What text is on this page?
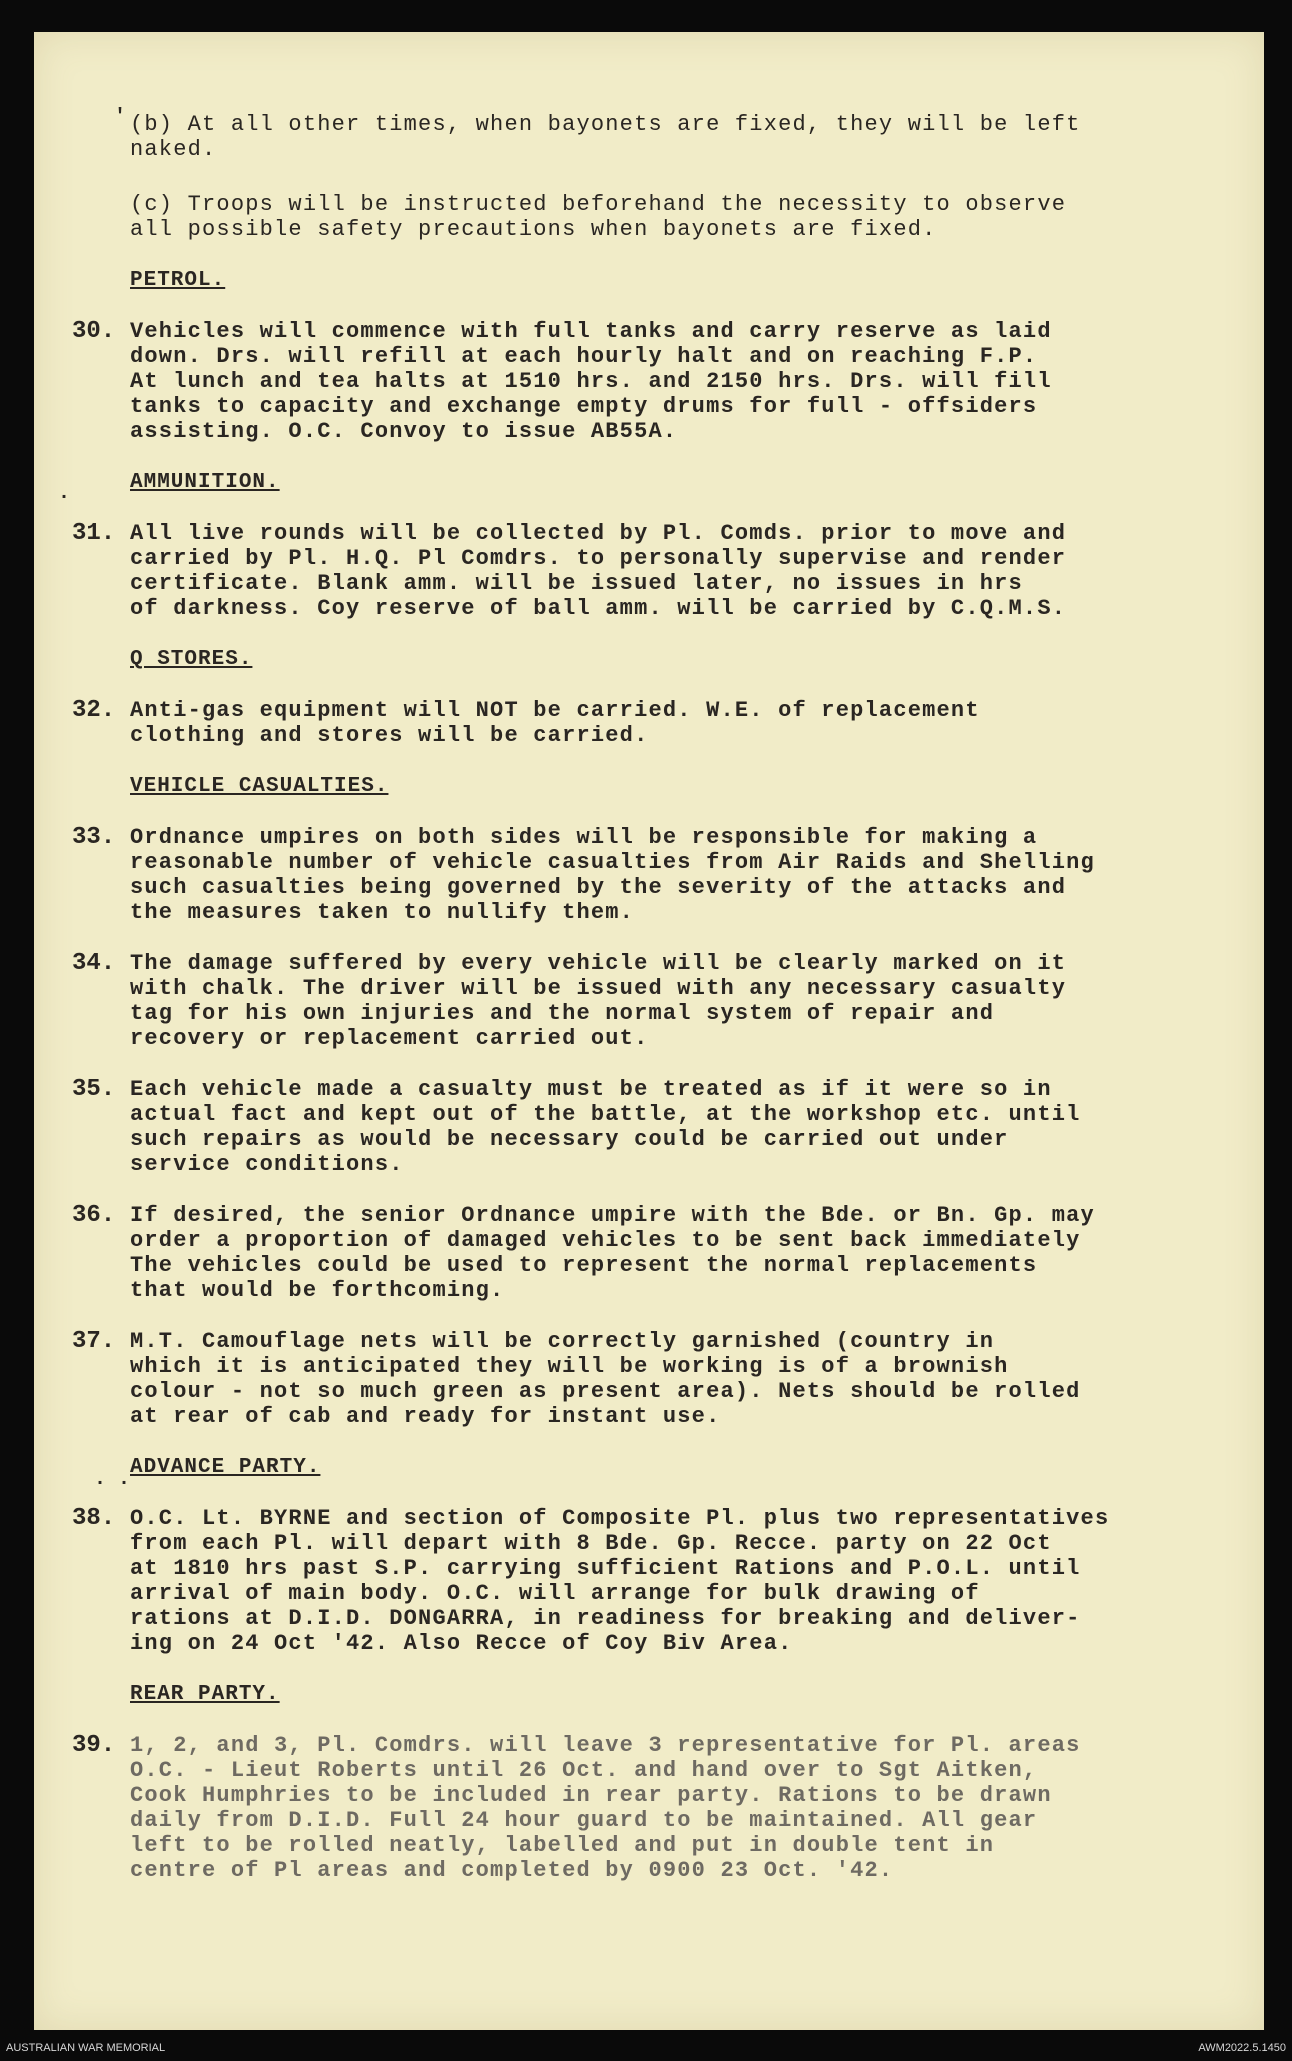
'
·
. .

(b) At all other times, when bayonets are fixed, they will be left
naked.

(c) Troops will be instructed beforehand the necessity to observe
all possible safety precautions when bayonets are fixed.

PETROL.

30. Vehicles will commence with full tanks and carry reserve as laid
down. Drs. will refill at each hourly halt and on reaching F.P.
At lunch and tea halts at 1510 hrs. and 2150 hrs. Drs. will fill
tanks to capacity and exchange empty drums for full - offsiders
assisting. O.C. Convoy to issue AB55A.

AMMUNITION.

31. All live rounds will be collected by Pl. Comds. prior to move and
carried by Pl. H.Q. Pl Comdrs. to personally supervise and render
certificate. Blank amm. will be issued later, no issues in hrs
of darkness. Coy reserve of ball amm. will be carried by C.Q.M.S.

Q STORES.

32. Anti-gas equipment will NOT be carried. W.E. of replacement
clothing and stores will be carried.

VEHICLE CASUALTIES.

33. Ordnance umpires on both sides will be responsible for making a
reasonable number of vehicle casualties from Air Raids and Shelling
such casualties being governed by the severity of the attacks and
the measures taken to nullify them.
34. The damage suffered by every vehicle will be clearly marked on it
with chalk. The driver will be issued with any necessary casualty
tag for his own injuries and the normal system of repair and
recovery or replacement carried out.
35. Each vehicle made a casualty must be treated as if it were so in
actual fact and kept out of the battle, at the workshop etc. until
such repairs as would be necessary could be carried out under
service conditions.
36. If desired, the senior Ordnance umpire with the Bde. or Bn. Gp. may
order a proportion of damaged vehicles to be sent back immediately
The vehicles could be used to represent the normal replacements
that would be forthcoming.
37. M.T. Camouflage nets will be correctly garnished (country in
which it is anticipated they will be working is of a brownish
colour - not so much green as present area). Nets should be rolled
at rear of cab and ready for instant use.

ADVANCE PARTY.

38. O.C. Lt. BYRNE and section of Composite Pl. plus two representatives
from each Pl. will depart with 8 Bde. Gp. Recce. party on 22 Oct
at 1810 hrs past S.P. carrying sufficient Rations and P.O.L. until
arrival of main body. O.C. will arrange for bulk drawing of
rations at D.I.D. DONGARRA, in readiness for breaking and deliver-
ing on 24 Oct '42. Also Recce of Coy Biv Area.

REAR PARTY.

39. 1, 2, and 3, Pl. Comdrs. will leave 3 representative for Pl. areas
O.C. - Lieut Roberts until 26 Oct. and hand over to Sgt Aitken,
Cook Humphries to be included in rear party. Rations to be drawn
daily from D.I.D. Full 24 hour guard to be maintained. All gear
left to be rolled neatly, labelled and put in double tent in
centre of Pl areas and completed by 0900 23 Oct. '42.
AUSTRALIAN WAR MEMORIAL	AWM2022.5.1450
